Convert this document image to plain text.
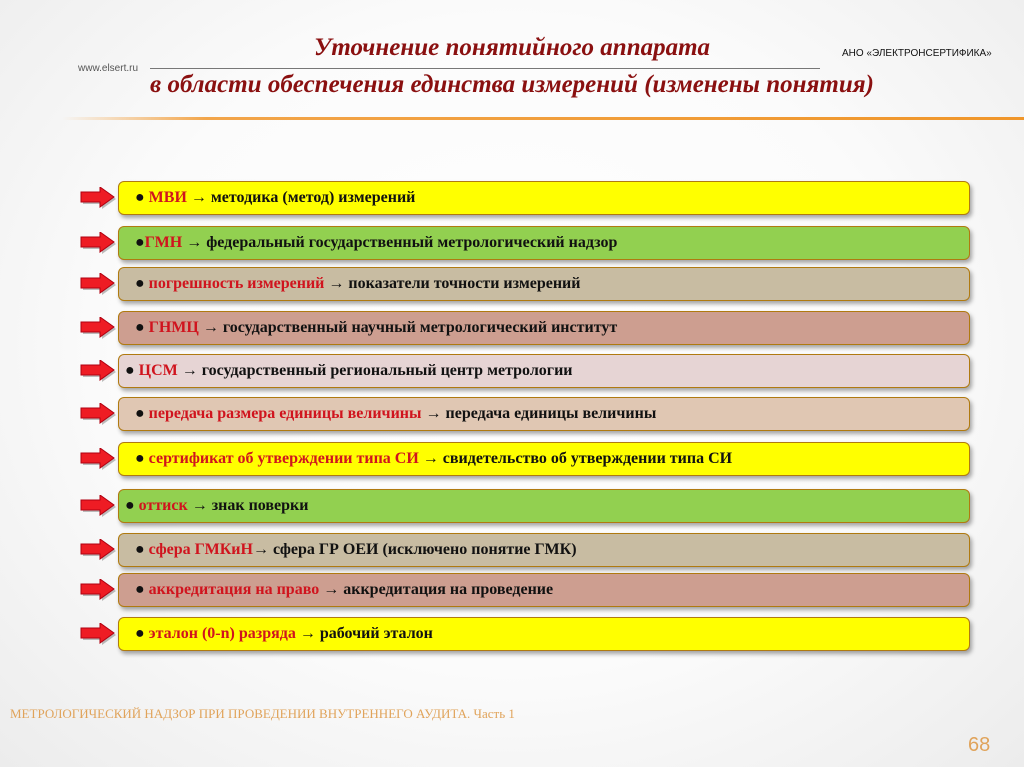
Уточнение понятийного аппарата
в области обеспечения единства измерений (изменены понятия)
www.elsert.ru
АНО «ЭЛЕКТРОНСЕРТИФИКА»
● МВИ → методика (метод) измерений
● ГМН → федеральный государственный метрологический надзор
● погрешность измерений → показатели точности измерений
● ГНМЦ → государственный научный метрологический институт
● ЦСМ → государственный региональный центр метрологии
● передача размера единицы величины → передача единицы величины
● сертификат об утверждении типа СИ → свидетельство об утверждении типа СИ
● оттиск → знак поверки
● сфера ГМКиН → сфера ГР ОЕИ (исключено понятие ГМК)
● аккредитация на право → аккредитация на проведение
● эталон (0-n) разряда → рабочий эталон
МЕТРОЛОГИЧЕСКИЙ НАДЗОР ПРИ ПРОВЕДЕНИИ ВНУТРЕННЕГО АУДИТА. Часть 1
68
